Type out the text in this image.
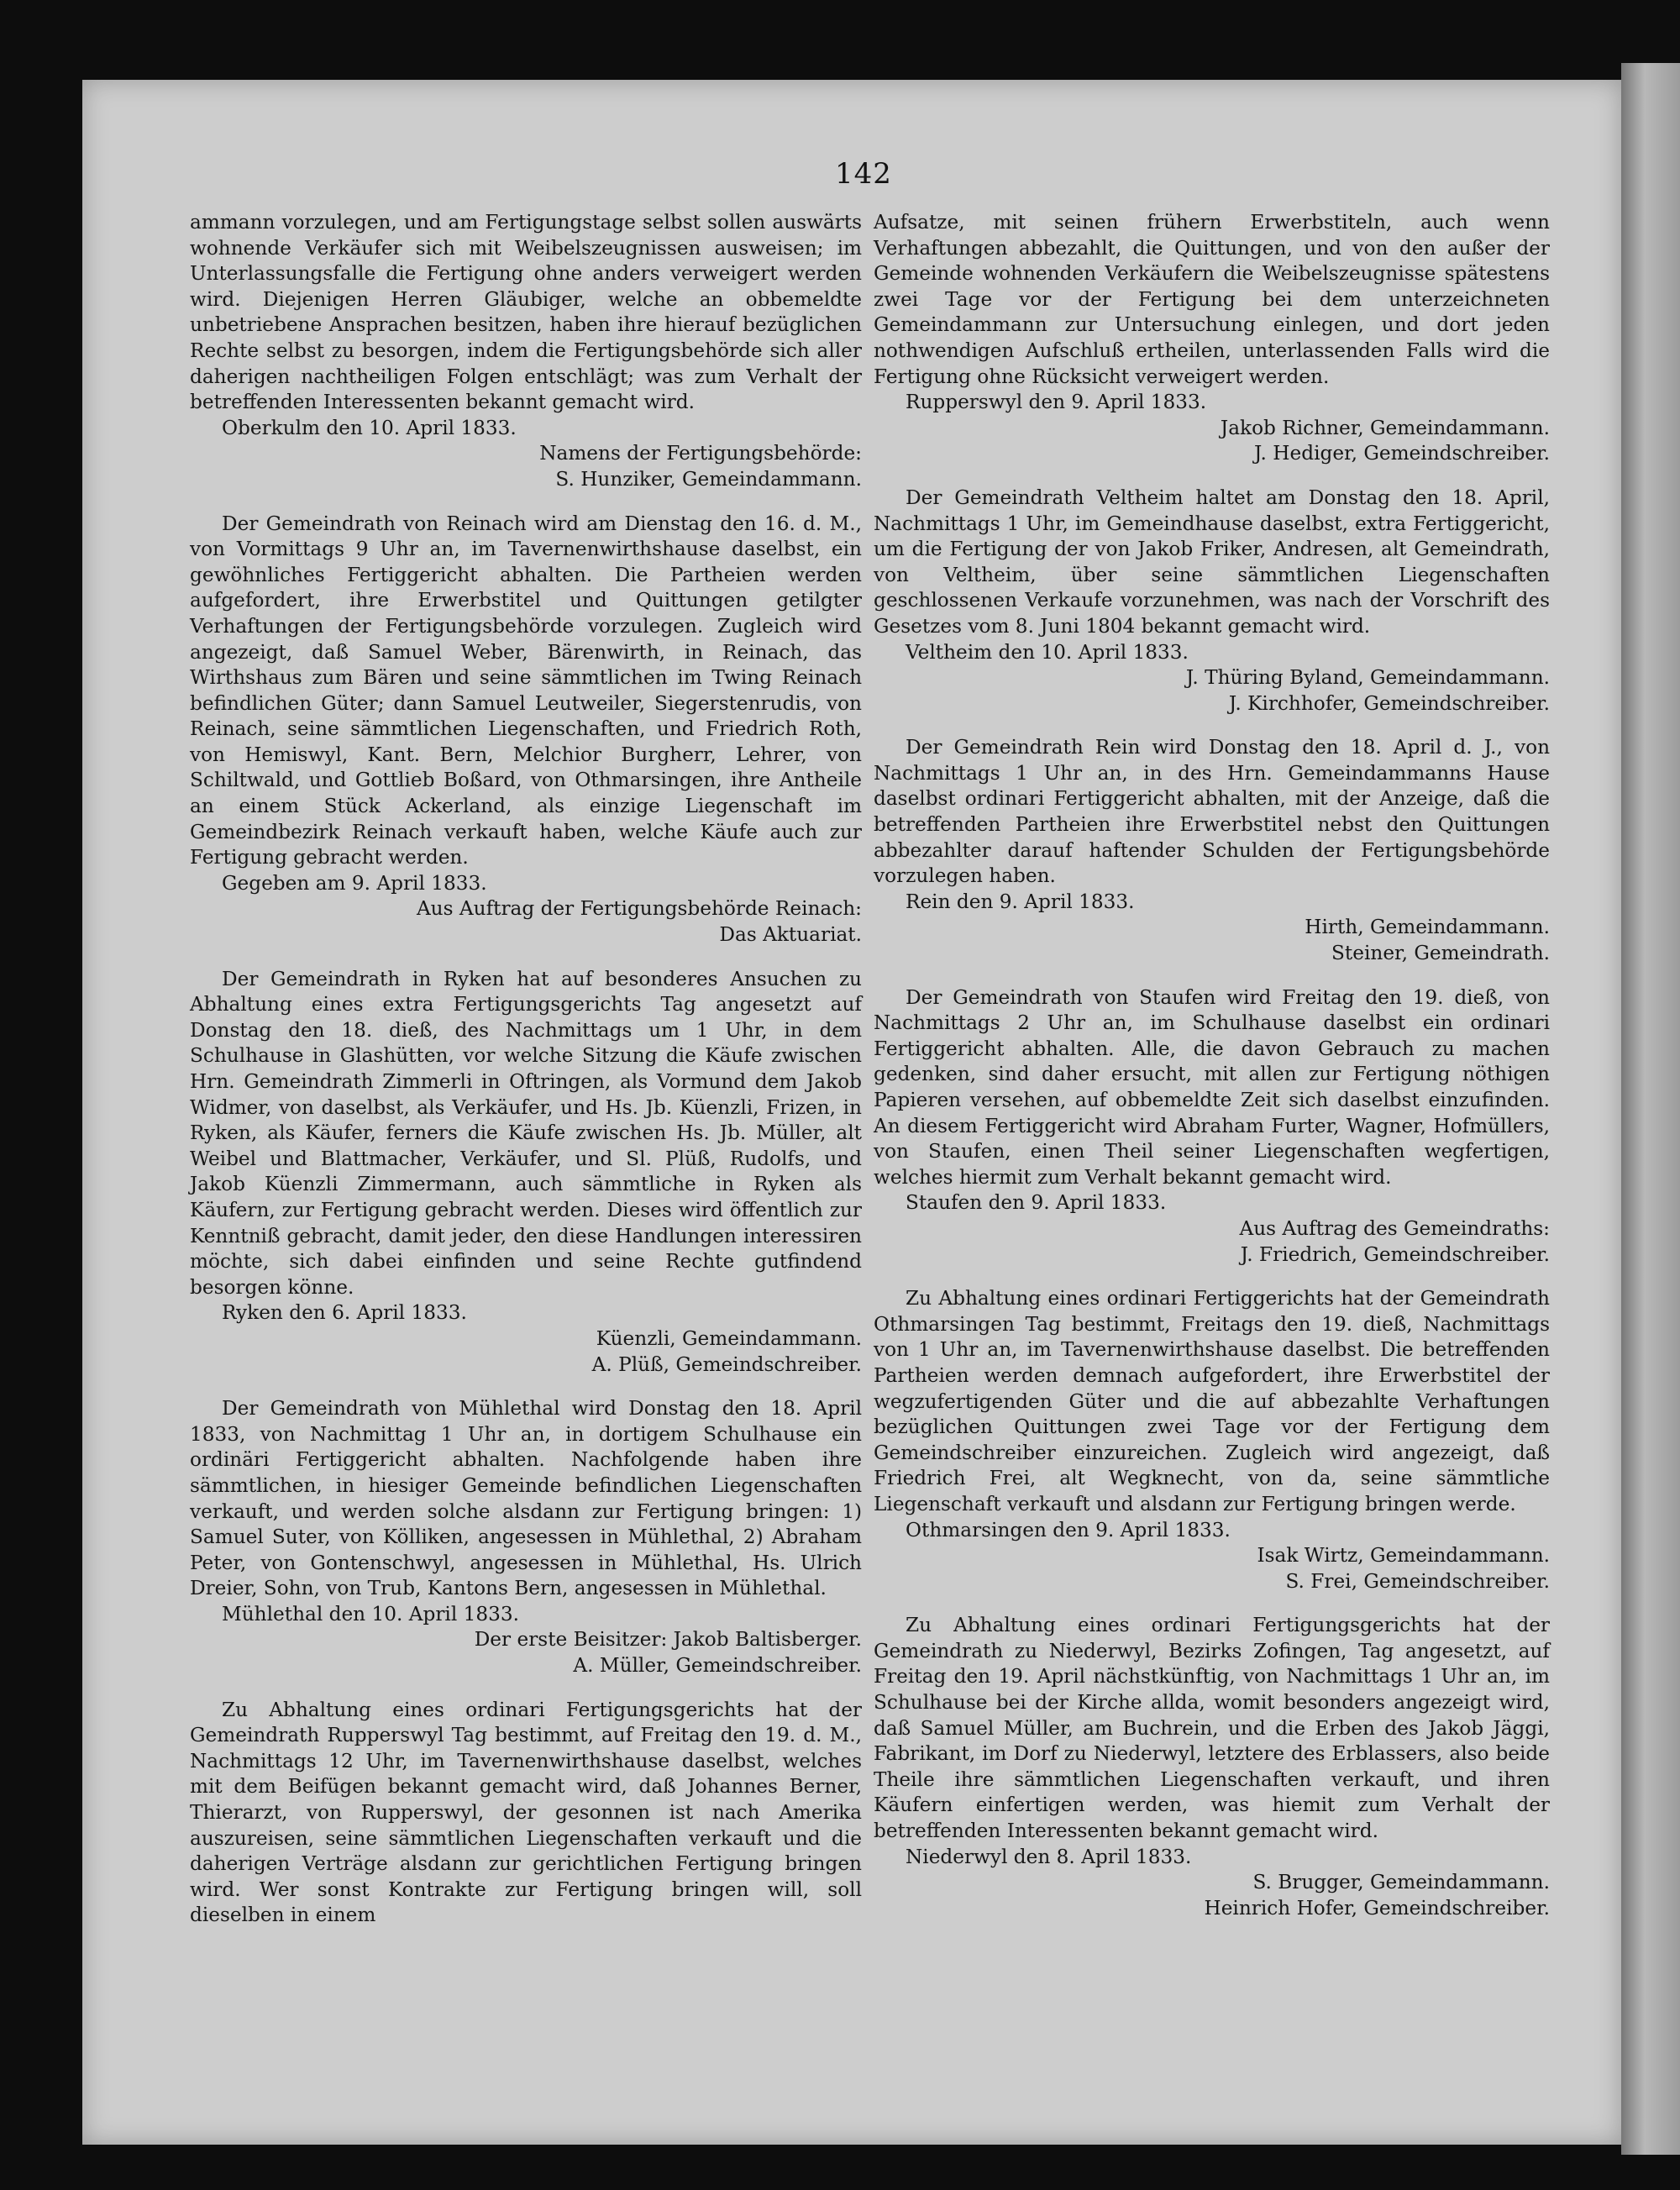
142

ammann vorzulegen, und am Fertigungstage selbst sollen auswärts wohnende Verkäufer sich mit Weibelszeugnissen ausweisen; im Unterlassungsfalle die Fertigung ohne anders verweigert werden wird. Diejenigen Herren Gläubiger, welche an obbemeldte unbetriebene Ansprachen besitzen, haben ihre hierauf bezüglichen Rechte selbst zu besorgen, indem die Fertigungsbehörde sich aller daherigen nachtheiligen Folgen entschlägt; was zum Verhalt der betreffenden Interessenten bekannt gemacht wird.

Oberkulm den 10. April 1833.
Namens der Fertigungsbehörde:
S. Hunziker, Gemeindammann.

Der Gemeindrath von Reinach wird am Dienstag den 16. d. M., von Vormittags 9 Uhr an, im Tavernenwirthshause daselbst, ein gewöhnliches Fertiggericht abhalten. Die Partheien werden aufgefordert, ihre Erwerbstitel und Quittungen getilgter Verhaftungen der Fertigungsbehörde vorzulegen. Zugleich wird angezeigt, daß Samuel Weber, Bärenwirth, in Reinach, das Wirthshaus zum Bären und seine sämmtlichen im Twing Reinach befindlichen Güter; dann Samuel Leutweiler, Siegerstenrudis, von Reinach, seine sämmtlichen Liegenschaften, und Friedrich Roth, von Hemiswyl, Kant. Bern, Melchior Burgherr, Lehrer, von Schiltwald, und Gottlieb Boßard, von Othmarsingen, ihre Antheile an einem Stück Ackerland, als einzige Liegenschaft im Gemeindbezirk Reinach verkauft haben, welche Käufe auch zur Fertigung gebracht werden.

Gegeben am 9. April 1833.
Aus Auftrag der Fertigungsbehörde Reinach:
Das Aktuariat.

Der Gemeindrath in Ryken hat auf besonderes Ansuchen zu Abhaltung eines extra Fertigungsgerichts Tag angesetzt auf Donstag den 18. dieß, des Nachmittags um 1 Uhr, in dem Schulhause in Glashütten, vor welche Sitzung die Käufe zwischen Hrn. Gemeindrath Zimmerli in Oftringen, als Vormund dem Jakob Widmer, von daselbst, als Verkäufer, und Hs. Jb. Küenzli, Frizen, in Ryken, als Käufer, ferners die Käufe zwischen Hs. Jb. Müller, alt Weibel und Blattmacher, Verkäufer, und Sl. Plüß, Rudolfs, und Jakob Küenzli Zimmermann, auch sämmtliche in Ryken als Käufern, zur Fertigung gebracht werden. Dieses wird öffentlich zur Kenntniß gebracht, damit jeder, den diese Handlungen interessiren möchte, sich dabei einfinden und seine Rechte gutfindend besorgen könne.

Ryken den 6. April 1833.
Küenzli, Gemeindammann.
A. Plüß, Gemeindschreiber.

Der Gemeindrath von Mühlethal wird Donstag den 18. April 1833, von Nachmittag 1 Uhr an, in dortigem Schulhause ein ordinäri Fertiggericht abhalten. Nachfolgende haben ihre sämmtlichen, in hiesiger Gemeinde befindlichen Liegenschaften verkauft, und werden solche alsdann zur Fertigung bringen: 1) Samuel Suter, von Kölliken, angesessen in Mühlethal, 2) Abraham Peter, von Gontenschwyl, angesessen in Mühlethal, Hs. Ulrich Dreier, Sohn, von Trub, Kantons Bern, angesessen in Mühlethal.

Mühlethal den 10. April 1833.
Der erste Beisitzer: Jakob Baltisberger.
A. Müller, Gemeindschreiber.

Zu Abhaltung eines ordinari Fertigungsgerichts hat der Gemeindrath Rupperswyl Tag bestimmt, auf Freitag den 19. d. M., Nachmittags 12 Uhr, im Tavernenwirthshause daselbst, welches mit dem Beifügen bekannt gemacht wird, daß Johannes Berner, Thierarzt, von Rupperswyl, der gesonnen ist nach Amerika auszureisen, seine sämmtlichen Liegenschaften verkauft und die daherigen Verträge alsdann zur gerichtlichen Fertigung bringen wird. Wer sonst Kontrakte zur Fertigung bringen will, soll dieselben in einem

Aufsatze, mit seinen frühern Erwerbstiteln, auch wenn Verhaftungen abbezahlt, die Quittungen, und von den außer der Gemeinde wohnenden Verkäufern die Weibelszeugnisse spätestens zwei Tage vor der Fertigung bei dem unterzeichneten Gemeindammann zur Untersuchung einlegen, und dort jeden nothwendigen Aufschluß ertheilen, unterlassenden Falls wird die Fertigung ohne Rücksicht verweigert werden.

Rupperswyl den 9. April 1833.
Jakob Richner, Gemeindammann.
J. Hediger, Gemeindschreiber.

Der Gemeindrath Veltheim haltet am Donstag den 18. April, Nachmittags 1 Uhr, im Gemeindhause daselbst, extra Fertiggericht, um die Fertigung der von Jakob Friker, Andresen, alt Gemeindrath, von Veltheim, über seine sämmtlichen Liegenschaften geschlossenen Verkaufe vorzunehmen, was nach der Vorschrift des Gesetzes vom 8. Juni 1804 bekannt gemacht wird.

Veltheim den 10. April 1833.
J. Thüring Byland, Gemeindammann.
J. Kirchhofer, Gemeindschreiber.

Der Gemeindrath Rein wird Donstag den 18. April d. J., von Nachmittags 1 Uhr an, in des Hrn. Gemeindammanns Hause daselbst ordinari Fertiggericht abhalten, mit der Anzeige, daß die betreffenden Partheien ihre Erwerbstitel nebst den Quittungen abbezahlter darauf haftender Schulden der Fertigungsbehörde vorzulegen haben.

Rein den 9. April 1833.
Hirth, Gemeindammann.
Steiner, Gemeindrath.

Der Gemeindrath von Staufen wird Freitag den 19. dieß, von Nachmittags 2 Uhr an, im Schulhause daselbst ein ordinari Fertiggericht abhalten. Alle, die davon Gebrauch zu machen gedenken, sind daher ersucht, mit allen zur Fertigung nöthigen Papieren versehen, auf obbemeldte Zeit sich daselbst einzufinden. An diesem Fertiggericht wird Abraham Furter, Wagner, Hofmüllers, von Staufen, einen Theil seiner Liegenschaften wegfertigen, welches hiermit zum Verhalt bekannt gemacht wird.

Staufen den 9. April 1833.
Aus Auftrag des Gemeindraths:
J. Friedrich, Gemeindschreiber.

Zu Abhaltung eines ordinari Fertiggerichts hat der Gemeindrath Othmarsingen Tag bestimmt, Freitags den 19. dieß, Nachmittags von 1 Uhr an, im Tavernenwirthshause daselbst. Die betreffenden Partheien werden demnach aufgefordert, ihre Erwerbstitel der wegzufertigenden Güter und die auf abbezahlte Verhaftungen bezüglichen Quittungen zwei Tage vor der Fertigung dem Gemeindschreiber einzureichen. Zugleich wird angezeigt, daß Friedrich Frei, alt Wegknecht, von da, seine sämmtliche Liegenschaft verkauft und alsdann zur Fertigung bringen werde.

Othmarsingen den 9. April 1833.
Isak Wirtz, Gemeindammann.
S. Frei, Gemeindschreiber.

Zu Abhaltung eines ordinari Fertigungsgerichts hat der Gemeindrath zu Niederwyl, Bezirks Zofingen, Tag angesetzt, auf Freitag den 19. April nächstkünftig, von Nachmittags 1 Uhr an, im Schulhause bei der Kirche allda, womit besonders angezeigt wird, daß Samuel Müller, am Buchrein, und die Erben des Jakob Jäggi, Fabrikant, im Dorf zu Niederwyl, letztere des Erblassers, also beide Theile ihre sämmtlichen Liegenschaften verkauft, und ihren Käufern einfertigen werden, was hiemit zum Verhalt der betreffenden Interessenten bekannt gemacht wird.

Niederwyl den 8. April 1833.
S. Brugger, Gemeindammann.
Heinrich Hofer, Gemeindschreiber.
